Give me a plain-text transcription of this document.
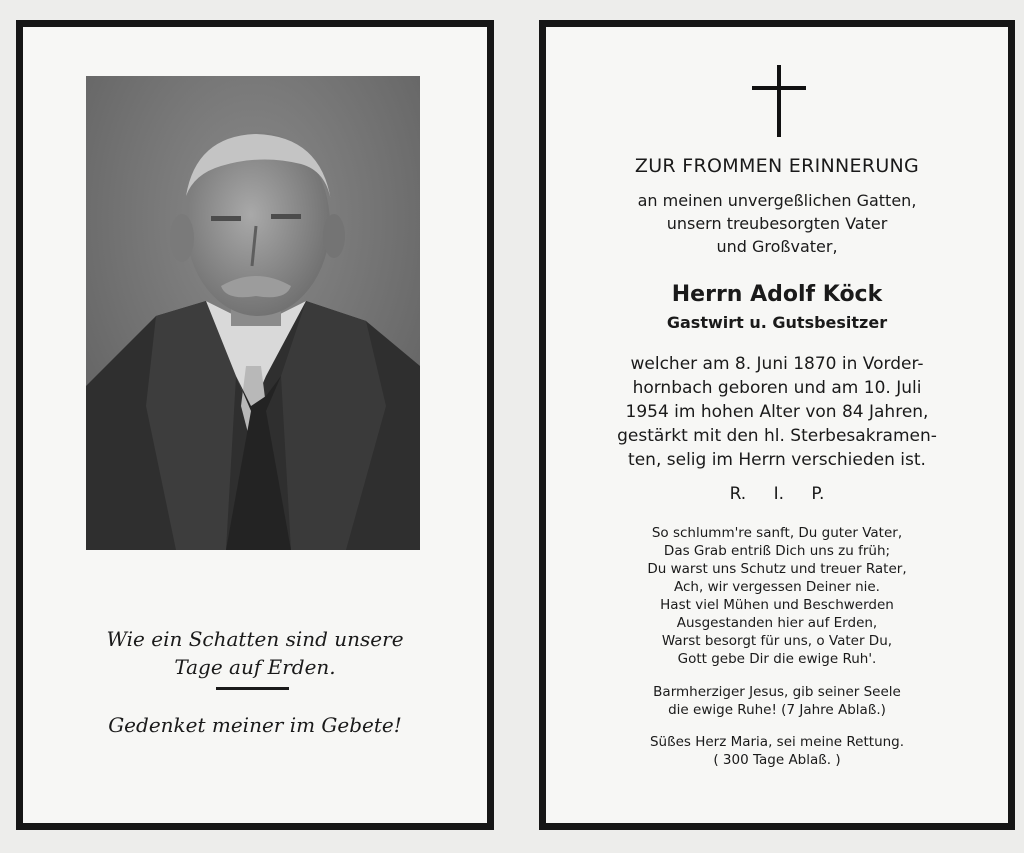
Wie ein Schatten sind unsere
Tage auf Erden.
Gedenket meiner im Gebete!
ZUR FROMMEN ERINNERUNG
an meinen unvergeßlichen Gatten,
unsern treubesorgten Vater
und Großvater,
Herrn Adolf Köck
Gastwirt u. Gutsbesitzer
welcher am 8. Juni 1870 in Vorder-
hornbach geboren und am 10. Juli
1954 im hohen Alter von 84 Jahren,
gestärkt mit den hl. Sterbesakramen-
ten, selig im Herrn verschieden ist.
R. I. P.
So schlumm're sanft, Du guter Vater,
Das Grab entriß Dich uns zu früh;
Du warst uns Schutz und treuer Rater,
Ach, wir vergessen Deiner nie.
Hast viel Mühen und Beschwerden
Ausgestanden hier auf Erden,
Warst besorgt für uns, o Vater Du,
Gott gebe Dir die ewige Ruh'.
Barmherziger Jesus, gib seiner Seele
die ewige Ruhe! (7 Jahre Ablaß.)
Süßes Herz Maria, sei meine Rettung.
( 300 Tage Ablaß. )
